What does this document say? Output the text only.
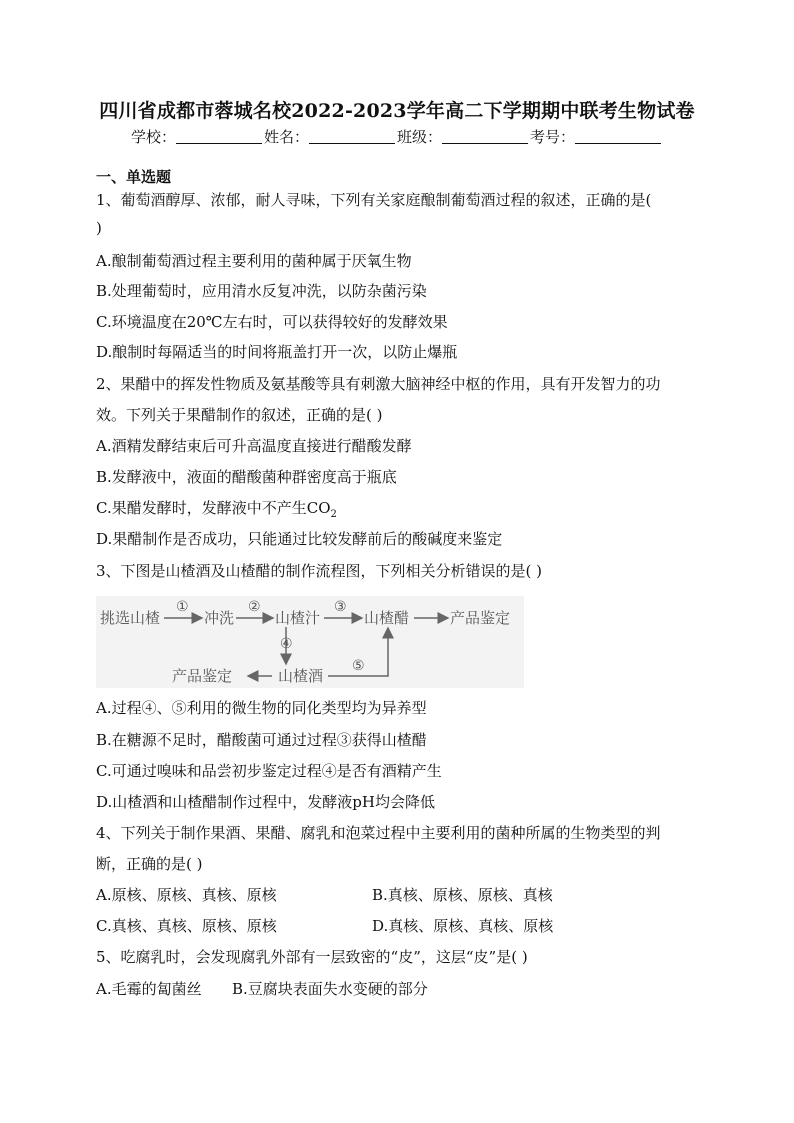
四川省成都市蓉城名校2022-2023学年高二下学期期中联考生物试卷
学校：	姓名：	班级：	考号：
一、单选题
1、葡萄酒醇厚、浓郁，耐人寻味，下列有关家庭酿制葡萄酒过程的叙述，正确的是(
)
A.酿制葡萄酒过程主要利用的菌种属于厌氧生物
B.处理葡萄时，应用清水反复冲洗，以防杂菌污染
C.环境温度在20℃左右时，可以获得较好的发酵效果
D.酿制时每隔适当的时间将瓶盖打开一次，以防止爆瓶
2、果醋中的挥发性物质及氨基酸等具有刺激大脑神经中枢的作用，具有开发智力的功
效。下列关于果醋制作的叙述，正确的是( )
A.酒精发酵结束后可升高温度直接进行醋酸发酵
B.发酵液中，液面的醋酸菌种群密度高于瓶底
C.果醋发酵时，发酵液中不产生$CO_2$
D.果醋制作是否成功，只能通过比较发酵前后的酸碱度来鉴定
3、下图是山楂酒及山楂醋的制作流程图，下列相关分析错误的是( )
挑选山楂
①
冲洗
②
山楂汁
③
山楂醋	产品鉴定
④
山楂酒
产品鉴定
⑤
A.过程④、⑤利用的微生物的同化类型均为异养型
B.在糖源不足时，醋酸菌可通过过程③获得山楂醋
C.可通过嗅味和品尝初步鉴定过程④是否有酒精产生
D.山楂酒和山楂醋制作过程中，发酵液pH均会降低
4、下列关于制作果酒、果醋、腐乳和泡菜过程中主要利用的菌种所属的生物类型的判
断，正确的是( )
A.原核、原核、真核、原核	B.真核、原核、原核、真核
C.真核、真核、原核、原核	D.真核、原核、真核、原核
5、吃腐乳时，会发现腐乳外部有一层致密的“皮”，这层“皮”是( )
A.毛霉的匐菌丝 B.豆腐块表面失水变硬的部分
